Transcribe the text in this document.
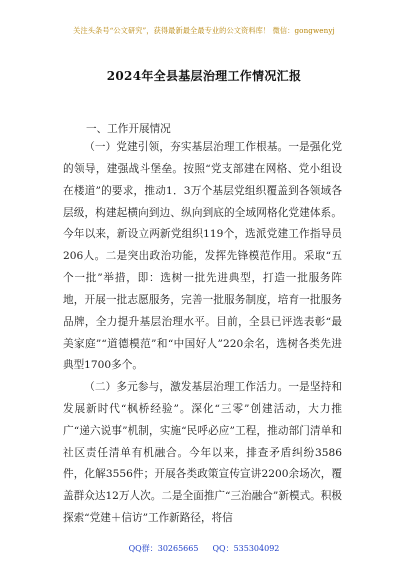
关注头条号“公文研究”，获得最新最全最专业的公文资料库！ 微信：gongwenyj
2024年全县基层治理工作情况汇报
一、工作开展情况

（一）党建引领，夯实基层治理工作根基。一是强化党的领导，建强战斗堡垒。按照“党支部建在网格、党小组设在楼道”的要求，推动1．3万个基层党组织覆盖到各领域各层级，构建起横向到边、纵向到底的全域网格化党建体系。今年以来，新设立两新党组织119个，选派党建工作指导员206人。二是突出政治功能，发挥先锋模范作用。采取“五个一批”举措，即：选树一批先进典型，打造一批服务阵地，开展一批志愿服务，完善一批服务制度，培育一批服务品牌，全力提升基层治理水平。目前，全县已评选表彰“最美家庭”“道德模范”和“中国好人”220余名，选树各类先进典型1700多个。

（二）多元参与，激发基层治理工作活力。一是坚持和发展新时代“枫桥经验”。深化“三零”创建活动，大力推广“递六说事”机制，实施“民呼必应”工程，推动部门清单和社区责任清单有机融合。今年以来，排查矛盾纠纷3586件，化解3556件；开展各类政策宣传宣讲2200余场次，覆盖群众达12万人次。二是全面推广“三治融合”新模式。积极探索“党建＋信访”工作新路径，将信

QQ群：30265665 QQ：535304092
